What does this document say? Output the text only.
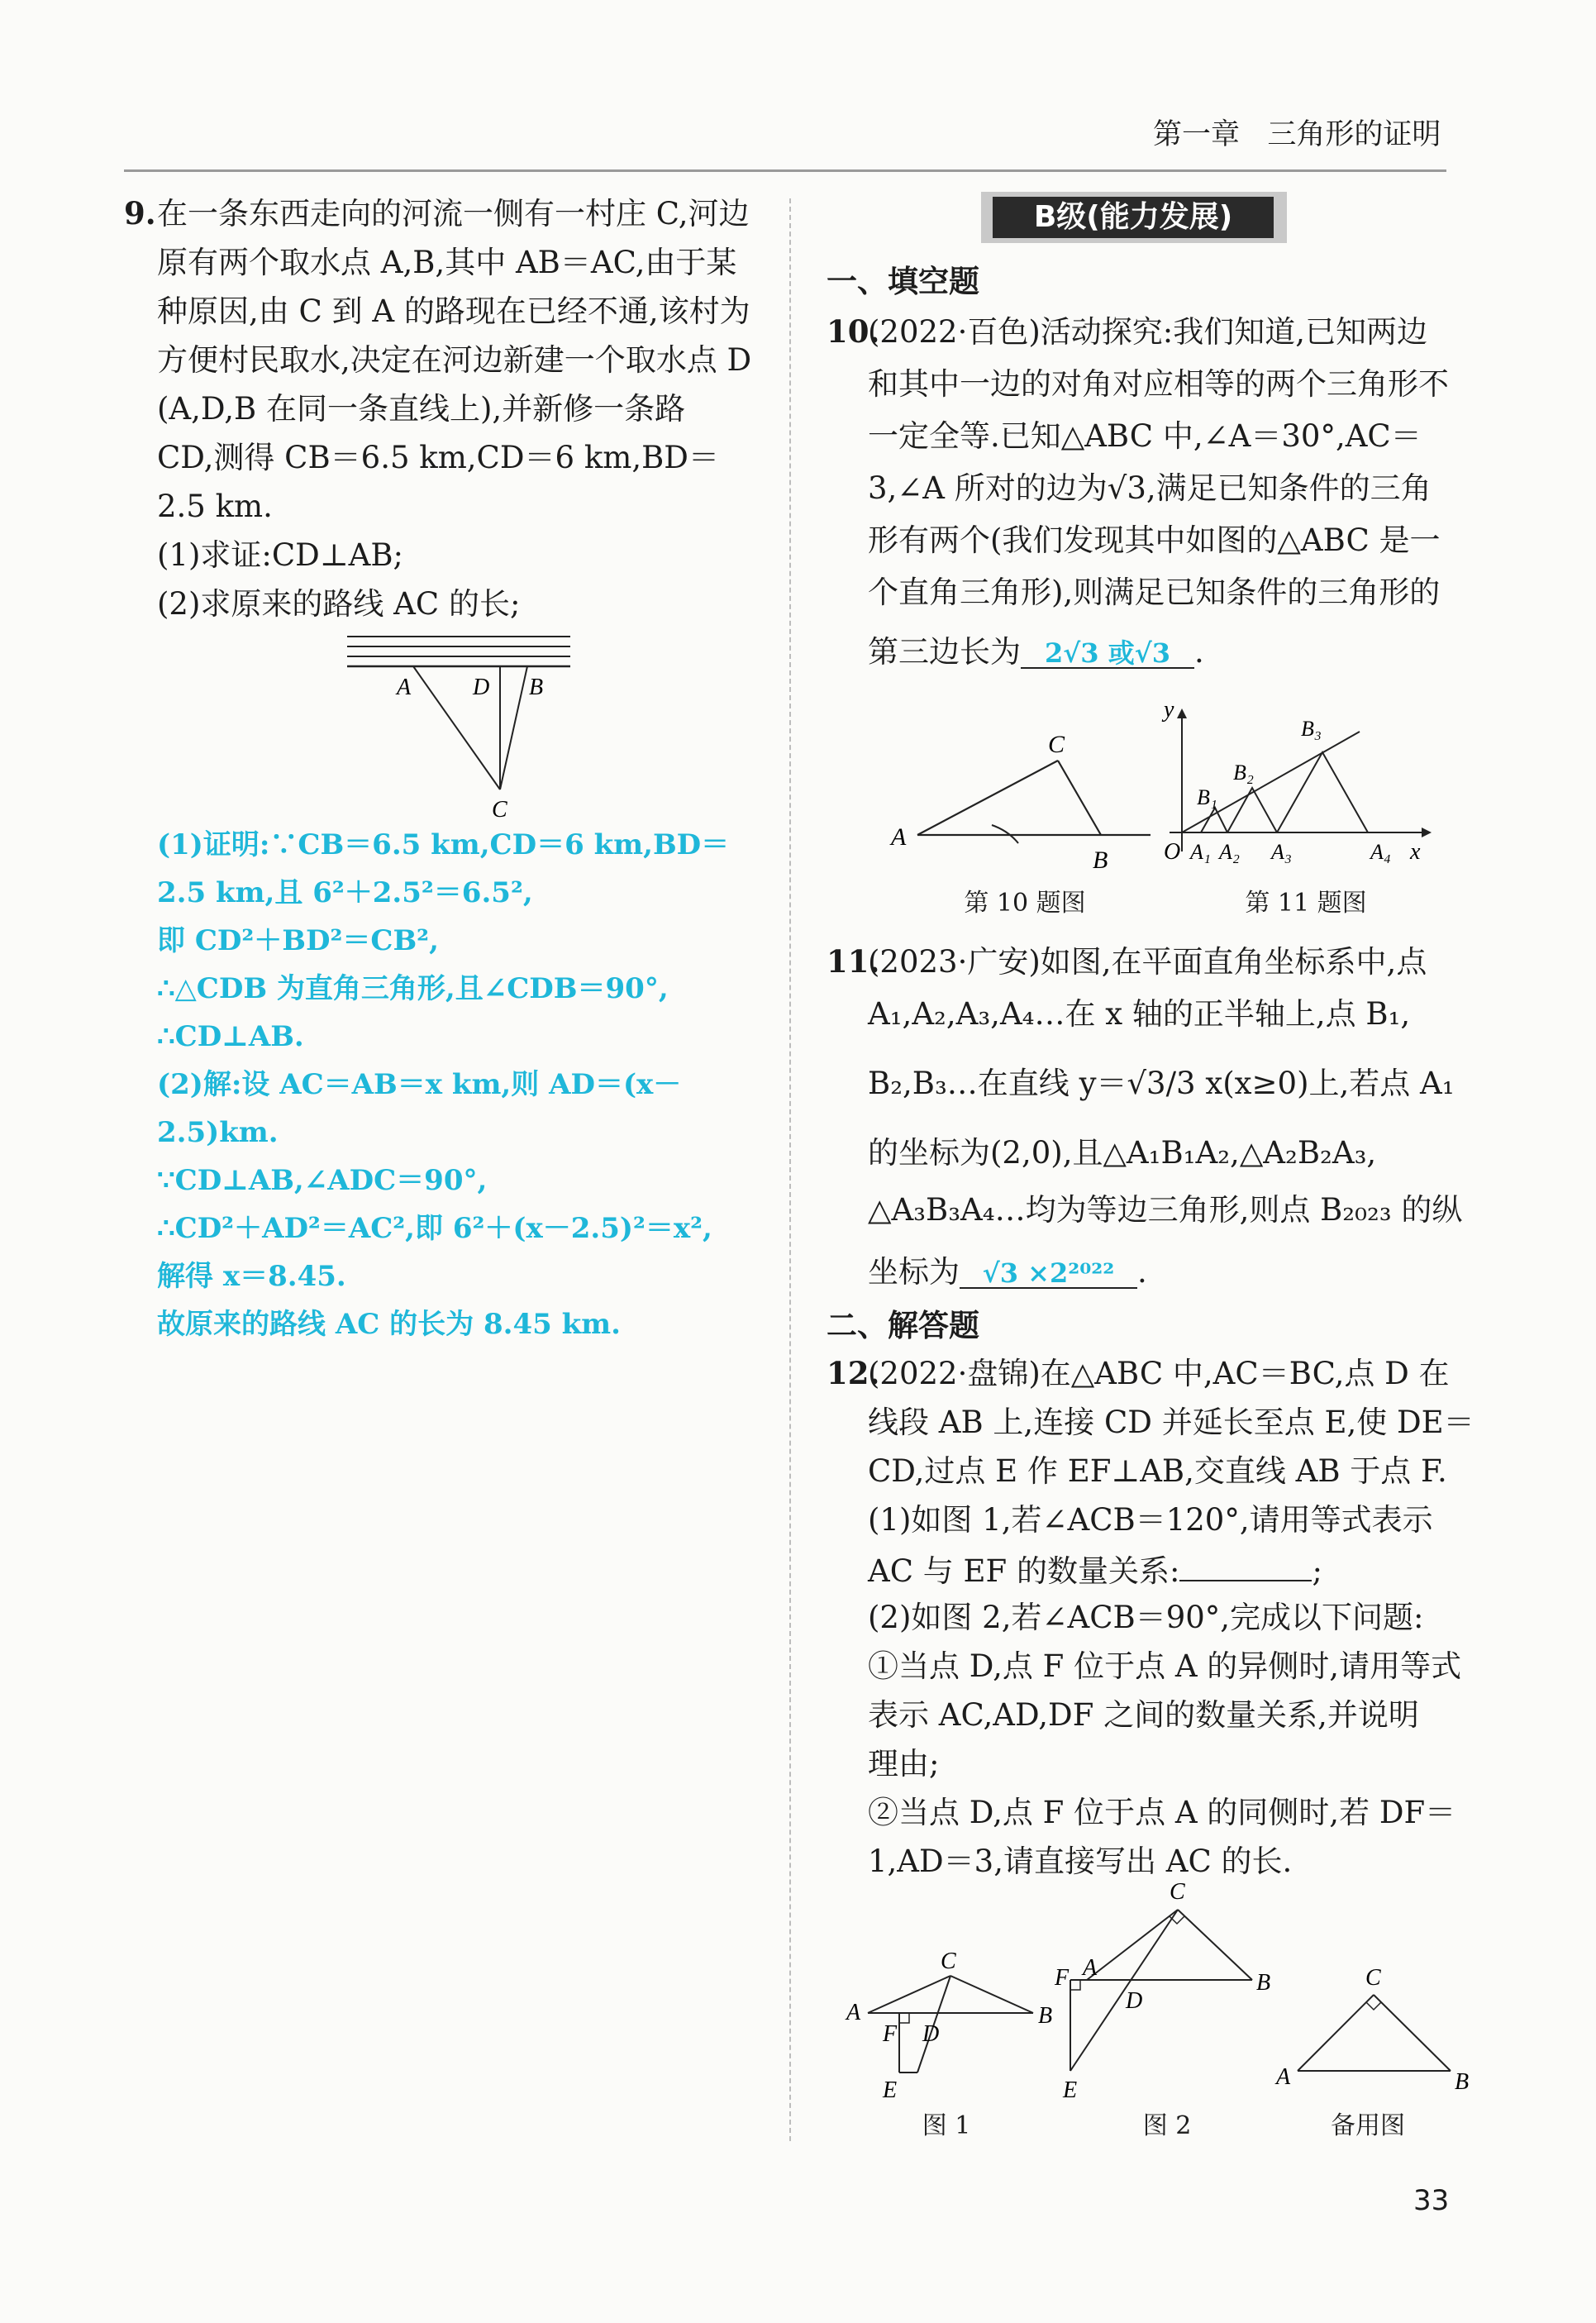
第一章 三角形的证明
9. 在一条东西走向的河流一侧有一村庄 C,河边
原有两个取水点 A,B,其中 AB＝AC,由于某
种原因,由 C 到 A 的路现在已经不通,该村为
方便村民取水,决定在河边新建一个取水点 D
(A,D,B 在同一条直线上),并新修一条路
CD,测得 CB＝6.5 km,CD＝6 km,BD＝
2.5 km.
(1)求证:CD⊥AB;
(2)求原来的路线 AC 的长;
A	D B
C
(1)证明:∵CB＝6.5 km,CD＝6 km,BD＝
2.5 km,且 6²＋2.5²＝6.5²,
即 CD²＋BD²＝CB²,
∴△CDB 为直角三角形,且∠CDB＝90°,
∴CD⊥AB.
(2)解:设 AC＝AB＝x km,则 AD＝(x－
2.5)km.
∵CD⊥AB,∠ADC＝90°,
∴CD²＋AD²＝AC²,即 6²＋(x－2.5)²＝x²,
解得 x＝8.45.
故原来的路线 AC 的长为 8.45 km.
B级(能力发展)
一、填空题
10.
(2022·百色)活动探究:我们知道,已知两边
和其中一边的对角对应相等的两个三角形不
一定全等.已知△ABC 中,∠A＝30°,AC＝
3,∠A 所对的边为√3,满足已知条件的三角
形有两个(我们发现其中如图的△ABC 是一
个直角三角形),则满足已知条件的三角形的
第三边长为 2√3 或√3 .
A
B
C
第 10 题图
y
x
O A₁ A₂ A₃	A₄
B₁
B₂
B₃
第 11 题图
11.
(2023·广安)如图,在平面直角坐标系中,点
A₁,A₂,A₃,A₄…在 x 轴的正半轴上,点 B₁,
B₂,B₃…在直线 y＝√3/3 x(x≥0)上,若点 A₁
的坐标为(2,0),且△A₁B₁A₂,△A₂B₂A₃,
△A₃B₃A₄…均为等边三角形,则点 B₂₀₂₃ 的纵
坐标为 √3 ×2²⁰²² .
二、解答题
12.
(2022·盘锦)在△ABC 中,AC＝BC,点 D 在
线段 AB 上,连接 CD 并延长至点 E,使 DE＝
CD,过点 E 作 EF⊥AB,交直线 AB 于点 F.
(1)如图 1,若∠ACB＝120°,请用等式表示
AC 与 EF 的数量关系:	;
(2)如图 2,若∠ACB＝90°,完成以下问题:
①当点 D,点 F 位于点 A 的异侧时,请用等式
表示 AC,AD,DF 之间的数量关系,并说明
理由;
②当点 D,点 F 位于点 A 的同侧时,若 DF＝
1,AD＝3,请直接写出 AC 的长.
A	B
C
D
F
E
C
A
F	B
D
E
C
A	B
图 1	图 2	备用图
33
